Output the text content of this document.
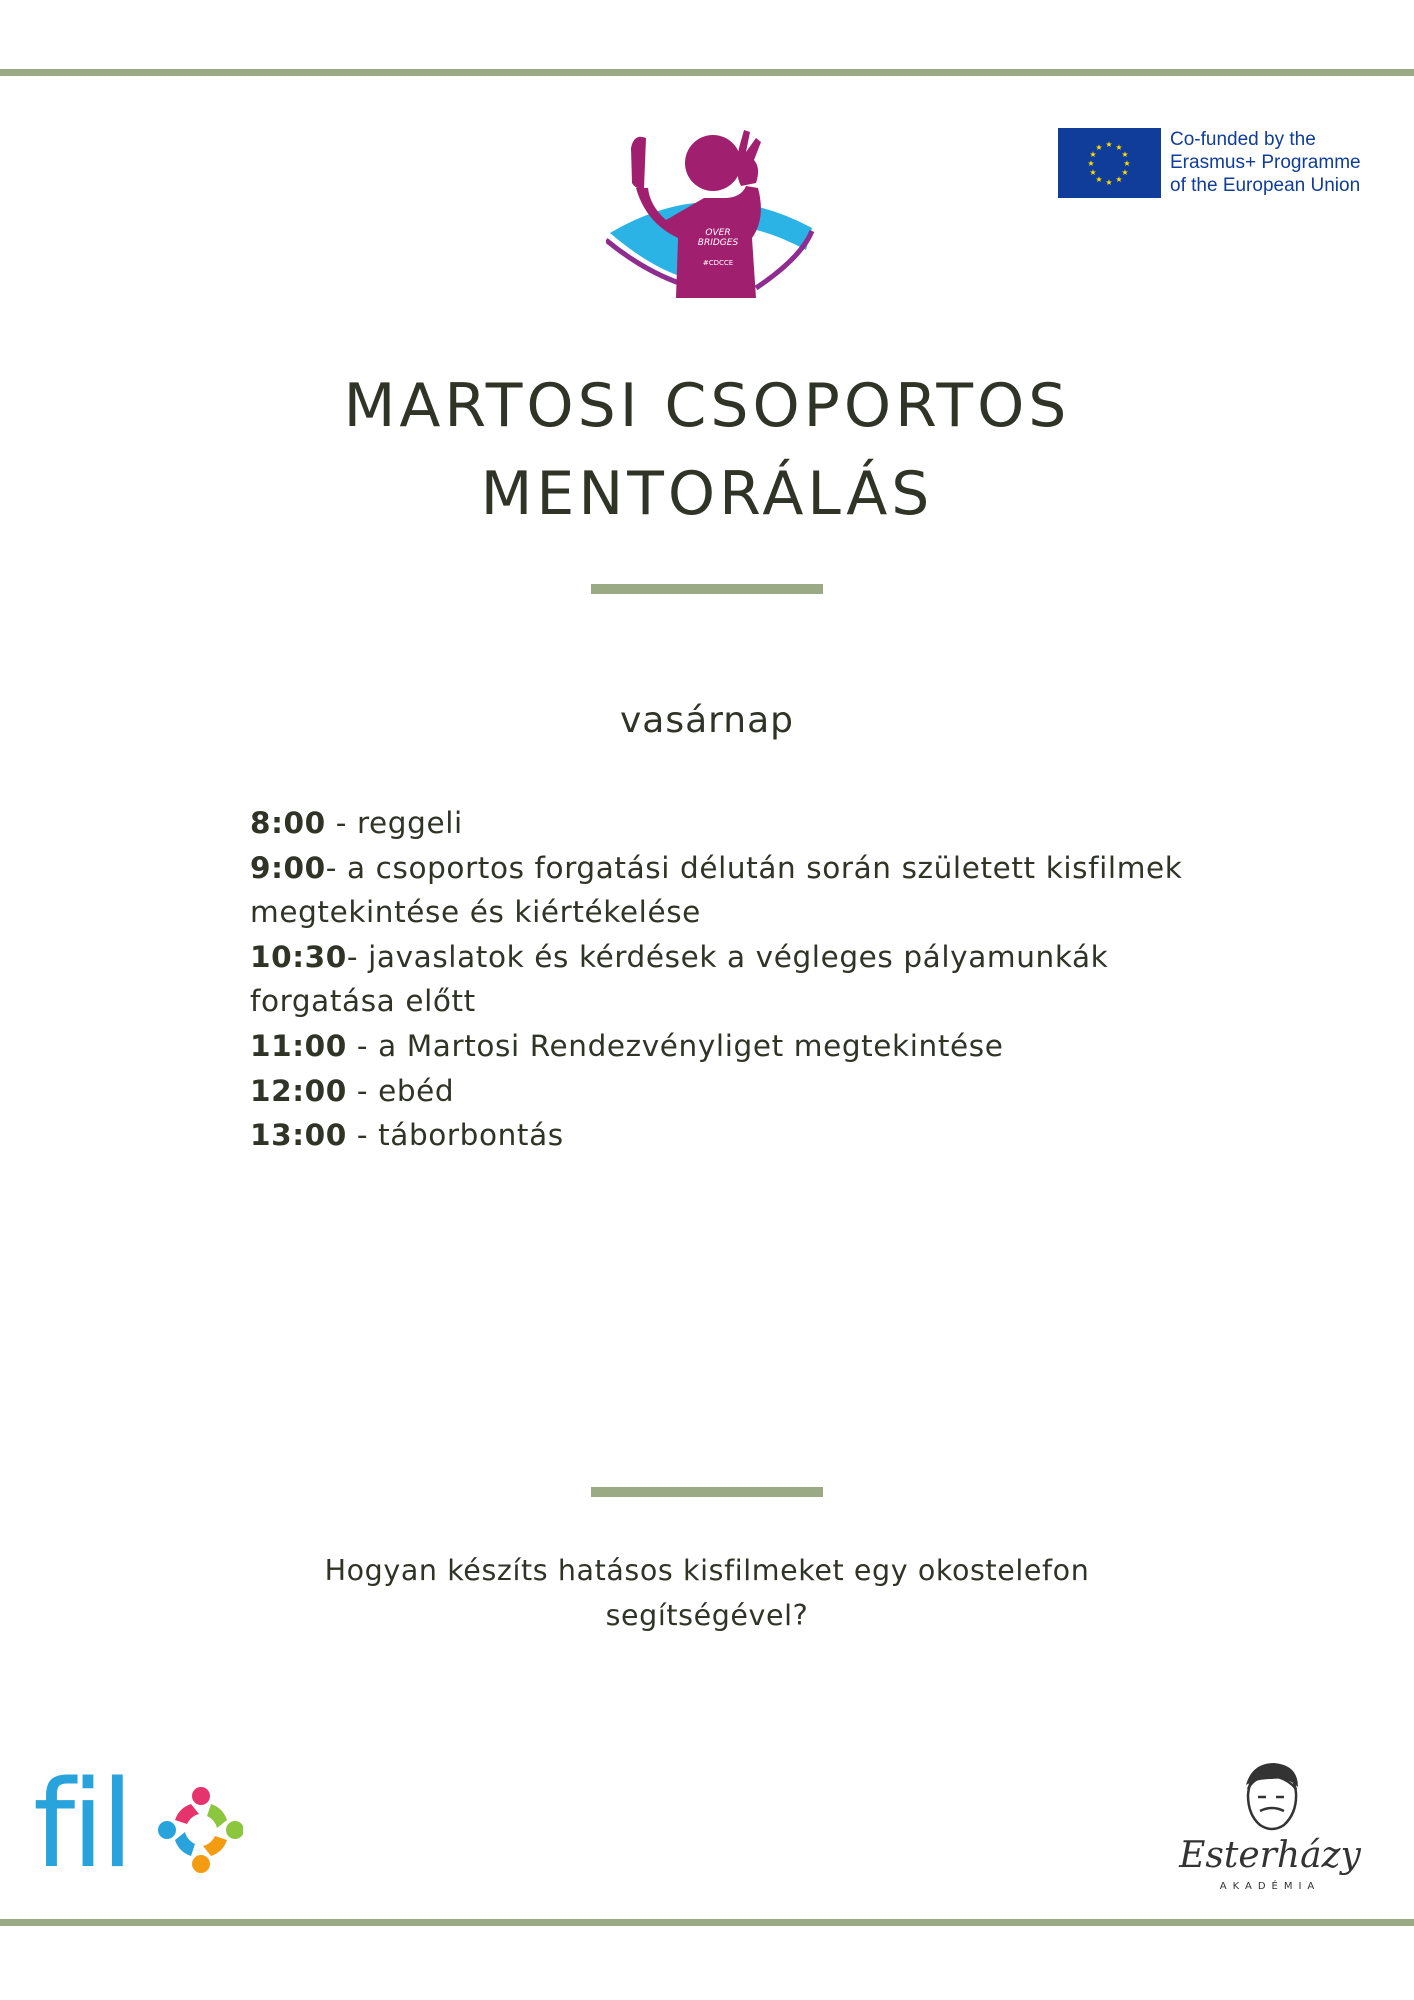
OVER
BRIDGES
#CDCCE
★ ★
★
★
★
★
★
★
★
★
★
★	Co-funded by the
Erasmus+ Programme
of the European Union
MARTOSI CSOPORTOS
MENTORÁLÁS
vasárnap
8:00 - reggeli
9:00- a csoportos forgatási délután során született kisfilmek megtekintése és kiértékelése
10:30- javaslatok és kérdések a végleges pályamunkák forgatása előtt
11:00 - a Martosi Rendezvényliget megtekintése
12:00 - ebéd
13:00 - táborbontás
Hogyan készíts hatásos kisfilmeket egy okostelefon
segítségével?
fil	Esterházy
AKADÉMIA
